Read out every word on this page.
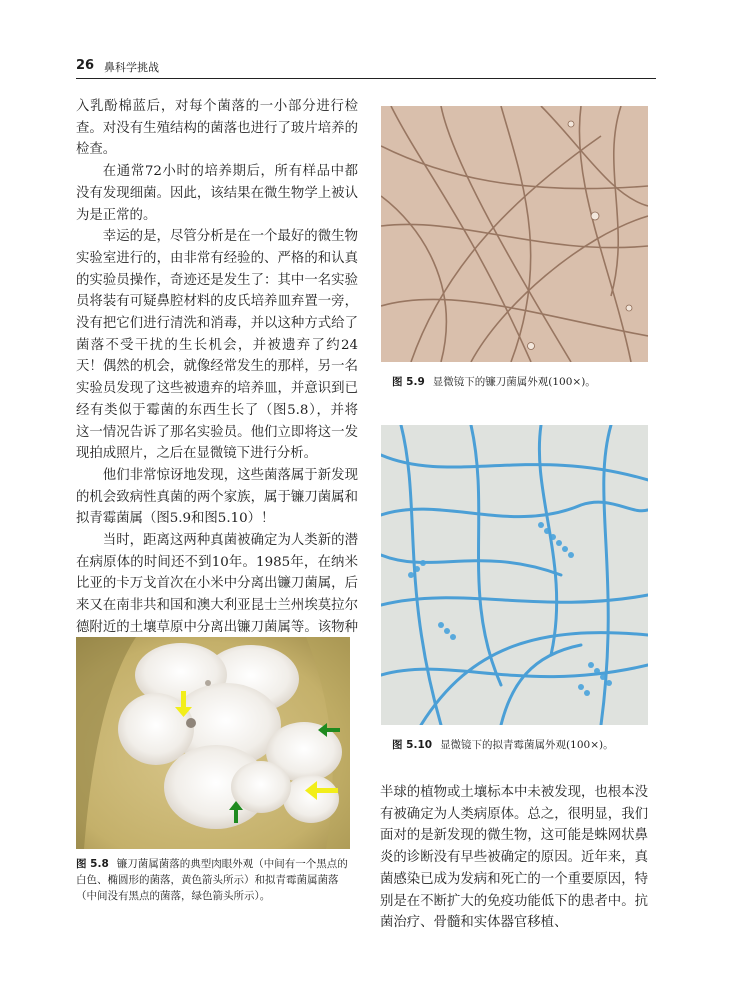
26 鼻科学挑战

入乳酚棉蓝后，对每个菌落的一小部分进行检查。对没有生殖结构的菌落也进行了玻片培养的检查。

在通常72小时的培养期后，所有样品中都没有发现细菌。因此，该结果在微生物学上被认为是正常的。

幸运的是，尽管分析是在一个最好的微生物实验室进行的，由非常有经验的、严格的和认真的实验员操作，奇迹还是发生了：其中一名实验员将装有可疑鼻腔材料的皮氏培养皿弃置一旁，没有把它们进行清洗和消毒，并以这种方式给了菌落不受干扰的生长机会，并被遗弃了约24天！偶然的机会，就像经常发生的那样，另一名实验员发现了这些被遗弃的培养皿，并意识到已经有类似于霉菌的东西生长了（图5.8），并将这一情况告诉了那名实验员。他们立即将这一发现拍成照片，之后在显微镜下进行分析。

他们非常惊讶地发现，这些菌落属于新发现的机会致病性真菌的两个家族，属于镰刀菌属和拟青霉菌属（图5.9和图5.10）！

当时，距离这两种真菌被确定为人类新的潜在病原体的时间还不到10年。1985年，在纳米比亚的卡万戈首次在小米中分离出镰刀菌属，后来又在南非共和国和澳大利亚昆士兰州埃莫拉尔德附近的土壤草原中分离出镰刀菌属等。该物种

图 5.8 镰刀菌属菌落的典型肉眼外观（中间有一个黑点的白色、椭圆形的菌落，黄色箭头所示）和拟青霉菌属菌落（中间没有黑点的菌落，绿色箭头所示）。
图 5.9 显微镜下的镰刀菌属外观(100×)。
图 5.10 显微镜下的拟青霉菌属外观(100×)。

半球的植物或土壤标本中未被发现，也根本没有被确定为人类病原体。总之，很明显，我们面对的是新发现的微生物，这可能是蛛网状鼻炎的诊断没有早些被确定的原因。近年来，真菌感染已成为发病和死亡的一个重要原因，特别是在不断扩大的免疫功能低下的患者中。抗菌治疗、骨髓和实体器官移植、
